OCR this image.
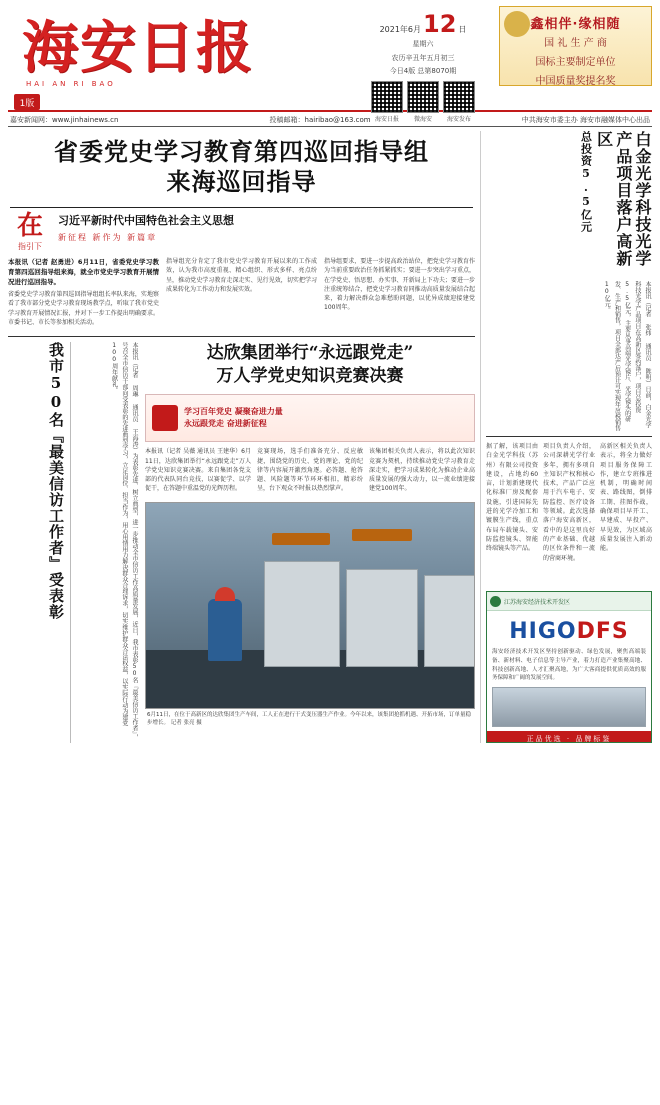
海安日报
HAI AN RI BAO
1版
2021年6月 12 日
星期六
农历辛丑年五月初三
今日4版 总第8070期
海安日报	微海安	海安发布
鑫相伴·缘相随
国 礼 生 产 商
国标主要制定单位
中国质量奖提名奖
嘉安新闻网：www.jinhainews.cn	投稿邮箱：hairibao@163.com	中共海安市委主办 海安市融媒体中心出品
省委党史学习教育第四巡回指导组
来海巡回指导
在
指引下
习近平新时代中国特色社会主义思想
新征程 新作为 新篇章

本报讯（记者 赵勇进）6月11日，省委党史学习教育第四巡回指导组来海，就全市党史学习教育开展情况进行巡回指导。

省委党史学习教育第四巡回指导组组长率队来海，实地察看了我市部分党史学习教育现场教学点，听取了我市党史学习教育开展情况汇报，并对下一步工作提出明确要求。市委书记、市长等参加相关活动。

指导组充分肯定了我市党史学习教育开展以来的工作成效，认为我市高度重视、精心组织、形式多样、亮点纷呈，推动党史学习教育走深走实、见行见效，切实把学习成果转化为工作动力和发展实效。

指导组要求，要进一步提高政治站位，把党史学习教育作为当前重要政治任务抓紧抓实；要进一步突出学习重点，在学党史、悟思想、办实事、开新局上下功夫；要进一步注重统筹结合，把党史学习教育同推动高质量发展结合起来，着力解决群众急难愁盼问题，以优异成绩迎接建党100周年。

我市50名『最美信访工作者』受表彰	本报讯（记者 周琳 通讯员 王海涛）为表彰先进、树立典型，进一步推动全市信访工作高质量发展，近日，我市表彰50名『最美信访工作者』，号召全市信访干部向受表彰的先进典型学习，立足岗位、担当作为，用心用情用力解决群众合理诉求，切实维护群众合法权益，以实际行动为建党100周年献礼。	达欣集团举行“永远跟党走”
万人学党史知识竞赛决赛
学习百年党史 凝聚奋进力量
永远跟党走 奋进新征程

本报讯（记者 吴薇 通讯员 王建华）6月11日，达欣集团举行“永远跟党走”万人学党史知识竞赛决赛。来自集团各党支部的代表队同台竞技，以赛促学、以学促干，在答题中重温党的光辉历程。

竞赛现场，选手们准备充分、反应敏捷，围绕党的历史、党的理论、党的纪律等内容展开激烈角逐。必答题、抢答题、风险题等环节环环相扣，精彩纷呈，台下观众不时报以热烈掌声。

该集团相关负责人表示，将以此次知识竞赛为契机，持续推动党史学习教育走深走实，把学习成果转化为推动企业高质量发展的强大动力，以一流业绩迎接建党100周年。

6月11日，在位于高新区的达欣集团生产车间，工人正在进行干式变压器生产作业。今年以来，该集团抢抓机遇、开拓市场，订单量稳步增长。 记者 张亮 摄
总投资5.5亿元	白金光学科技光学产品项目落户高新区
本报讯（记者 张炜 通讯员 陈明）日前，白金光学科技光学产品项目在高新区签约落户，项目总投资5.5亿元，主要从事高端光学镜片、光学镜头的研发、生产和销售，项目全部达产后预计可实现年应税销售10亿元。

据了解，该项目由白金光学科技（苏州）有限公司投资建设，占地约60亩，计划新建现代化标准厂房及配套设施，引进国际先进的光学冷加工和镀膜生产线，重点布局车载镜头、安防监控镜头、智能终端镜头等产品。

项目负责人介绍，公司深耕光学行业多年，拥有多项自主知识产权和核心技术，产品广泛应用于汽车电子、安防监控、医疗设备等领域。此次选择落户海安高新区，看中的是这里良好的产业基础、优越的区位条件和一流的营商环境。

高新区相关负责人表示，将全力做好项目服务保障工作，建立专班推进机制，明确时间表、路线图，倒排工期、挂图作战，确保项目早开工、早建成、早投产、早见效，为区域高质量发展注入新动能。

江苏海安经济技术开发区
HIGODFS
海安经济技术开发区坚持创新驱动、绿色发展，聚焦高端装备、新材料、电子信息等主导产业，着力打造产业集聚高地、科技创新高地、人才汇聚高地，为广大客商提供优质高效的服务保障和广阔的发展空间。
正品优选 · 品牌标鉴
